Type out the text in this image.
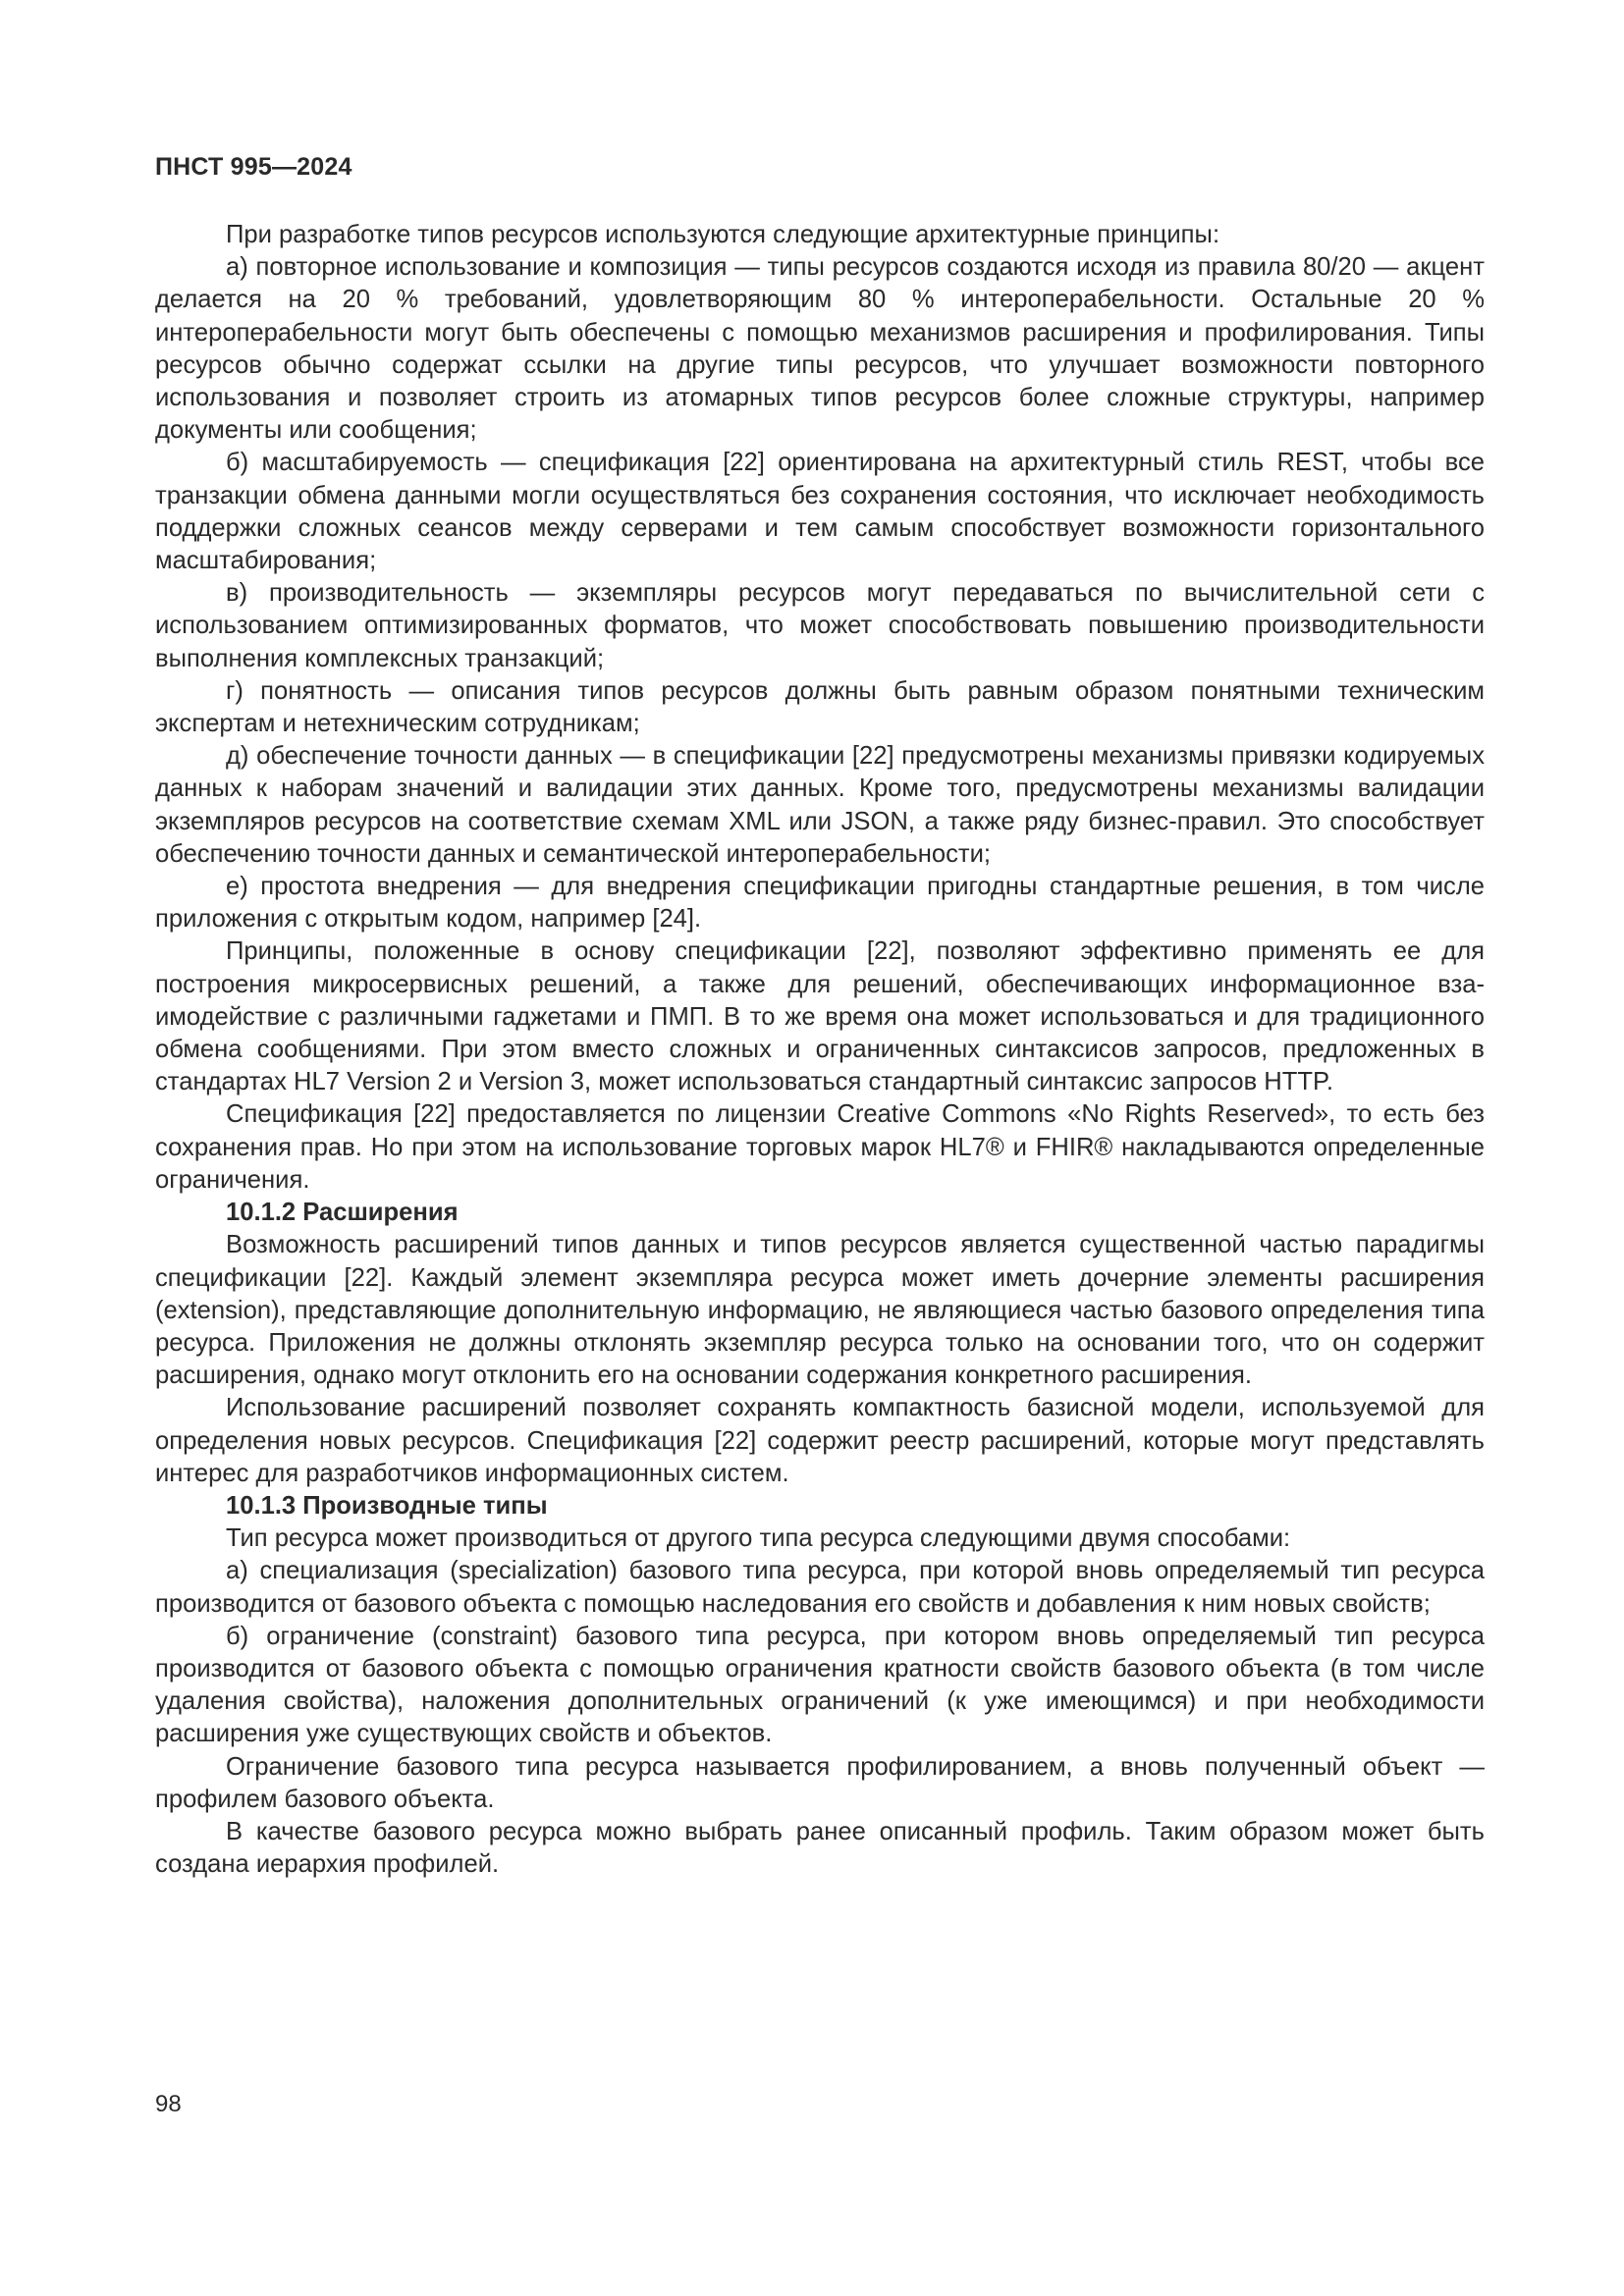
ПНСТ 995—2024

При разработке типов ресурсов используются следующие архитектурные принципы:

а) повторное использование и композиция — типы ресурсов создаются исходя из правила 80/20 — акцент делается на 20 % требований, удовлетворяющим 80 % интероперабельности. Остальные 20 % интероперабельности могут быть обеспечены с помощью механизмов расширения и профилирования. Типы ресурсов обычно содержат ссылки на другие типы ресурсов, что улучшает возможности повторного использования и позволяет строить из атомарных типов ресурсов более сложные структуры, например документы или сообщения;

б) масштабируемость — спецификация [22] ориентирована на архитектурный стиль REST, чтобы все транзакции обмена данными могли осуществляться без сохранения состояния, что исключает необходимость поддержки сложных сеансов между серверами и тем самым способствует возможности горизонтального масштабирования;

в) производительность — экземпляры ресурсов могут передаваться по вычислительной сети с использованием оптимизированных форматов, что может способствовать повышению производительности выполнения комплексных транзакций;

г) понятность — описания типов ресурсов должны быть равным образом понятными техническим экспертам и нетехническим сотрудникам;

д) обеспечение точности данных — в спецификации [22] предусмотрены механизмы привязки кодируемых данных к наборам значений и валидации этих данных. Кроме того, предусмотрены механизмы валидации экземпляров ресурсов на соответствие схемам XML или JSON, а также ряду бизнес-правил. Это способствует обеспечению точности данных и семантической интероперабельности;

е) простота внедрения — для внедрения спецификации пригодны стандартные решения, в том числе приложения с открытым кодом, например [24].

Принципы, положенные в основу спецификации [22], позволяют эффективно применять ее для построения микросервисных решений, а также для решений, обеспечивающих информационное взаимодействие с различными гаджетами и ПМП. В то же время она может использоваться и для традиционного обмена сообщениями. При этом вместо сложных и ограниченных синтаксисов запросов, предложенных в стандартах HL7 Version 2 и Version 3, может использоваться стандартный синтаксис запросов HTTP.

Спецификация [22] предоставляется по лицензии Creative Commons «No Rights Reserved», то есть без сохранения прав. Но при этом на использование торговых марок HL7® и FHIR® накладываются определенные ограничения.

10.1.2 Расширения

Возможность расширений типов данных и типов ресурсов является существенной частью парадигмы спецификации [22]. Каждый элемент экземпляра ресурса может иметь дочерние элементы расширения (extension), представляющие дополнительную информацию, не являющиеся частью базового определения типа ресурса. Приложения не должны отклонять экземпляр ресурса только на основании того, что он содержит расширения, однако могут отклонить его на основании содержания конкретного расширения.

Использование расширений позволяет сохранять компактность базисной модели, используемой для определения новых ресурсов. Спецификация [22] содержит реестр расширений, которые могут представлять интерес для разработчиков информационных систем.

10.1.3 Производные типы

Тип ресурса может производиться от другого типа ресурса следующими двумя способами:

а) специализация (specialization) базового типа ресурса, при которой вновь определяемый тип ресурса производится от базового объекта с помощью наследования его свойств и добавления к ним новых свойств;

б) ограничение (constraint) базового типа ресурса, при котором вновь определяемый тип ресурса производится от базового объекта с помощью ограничения кратности свойств базового объекта (в том числе удаления свойства), наложения дополнительных ограничений (к уже имеющимся) и при необходимости расширения уже существующих свойств и объектов.

Ограничение базового типа ресурса называется профилированием, а вновь полученный объект — профилем базового объекта.

В качестве базового ресурса можно выбрать ранее описанный профиль. Таким образом может быть создана иерархия профилей.

98
